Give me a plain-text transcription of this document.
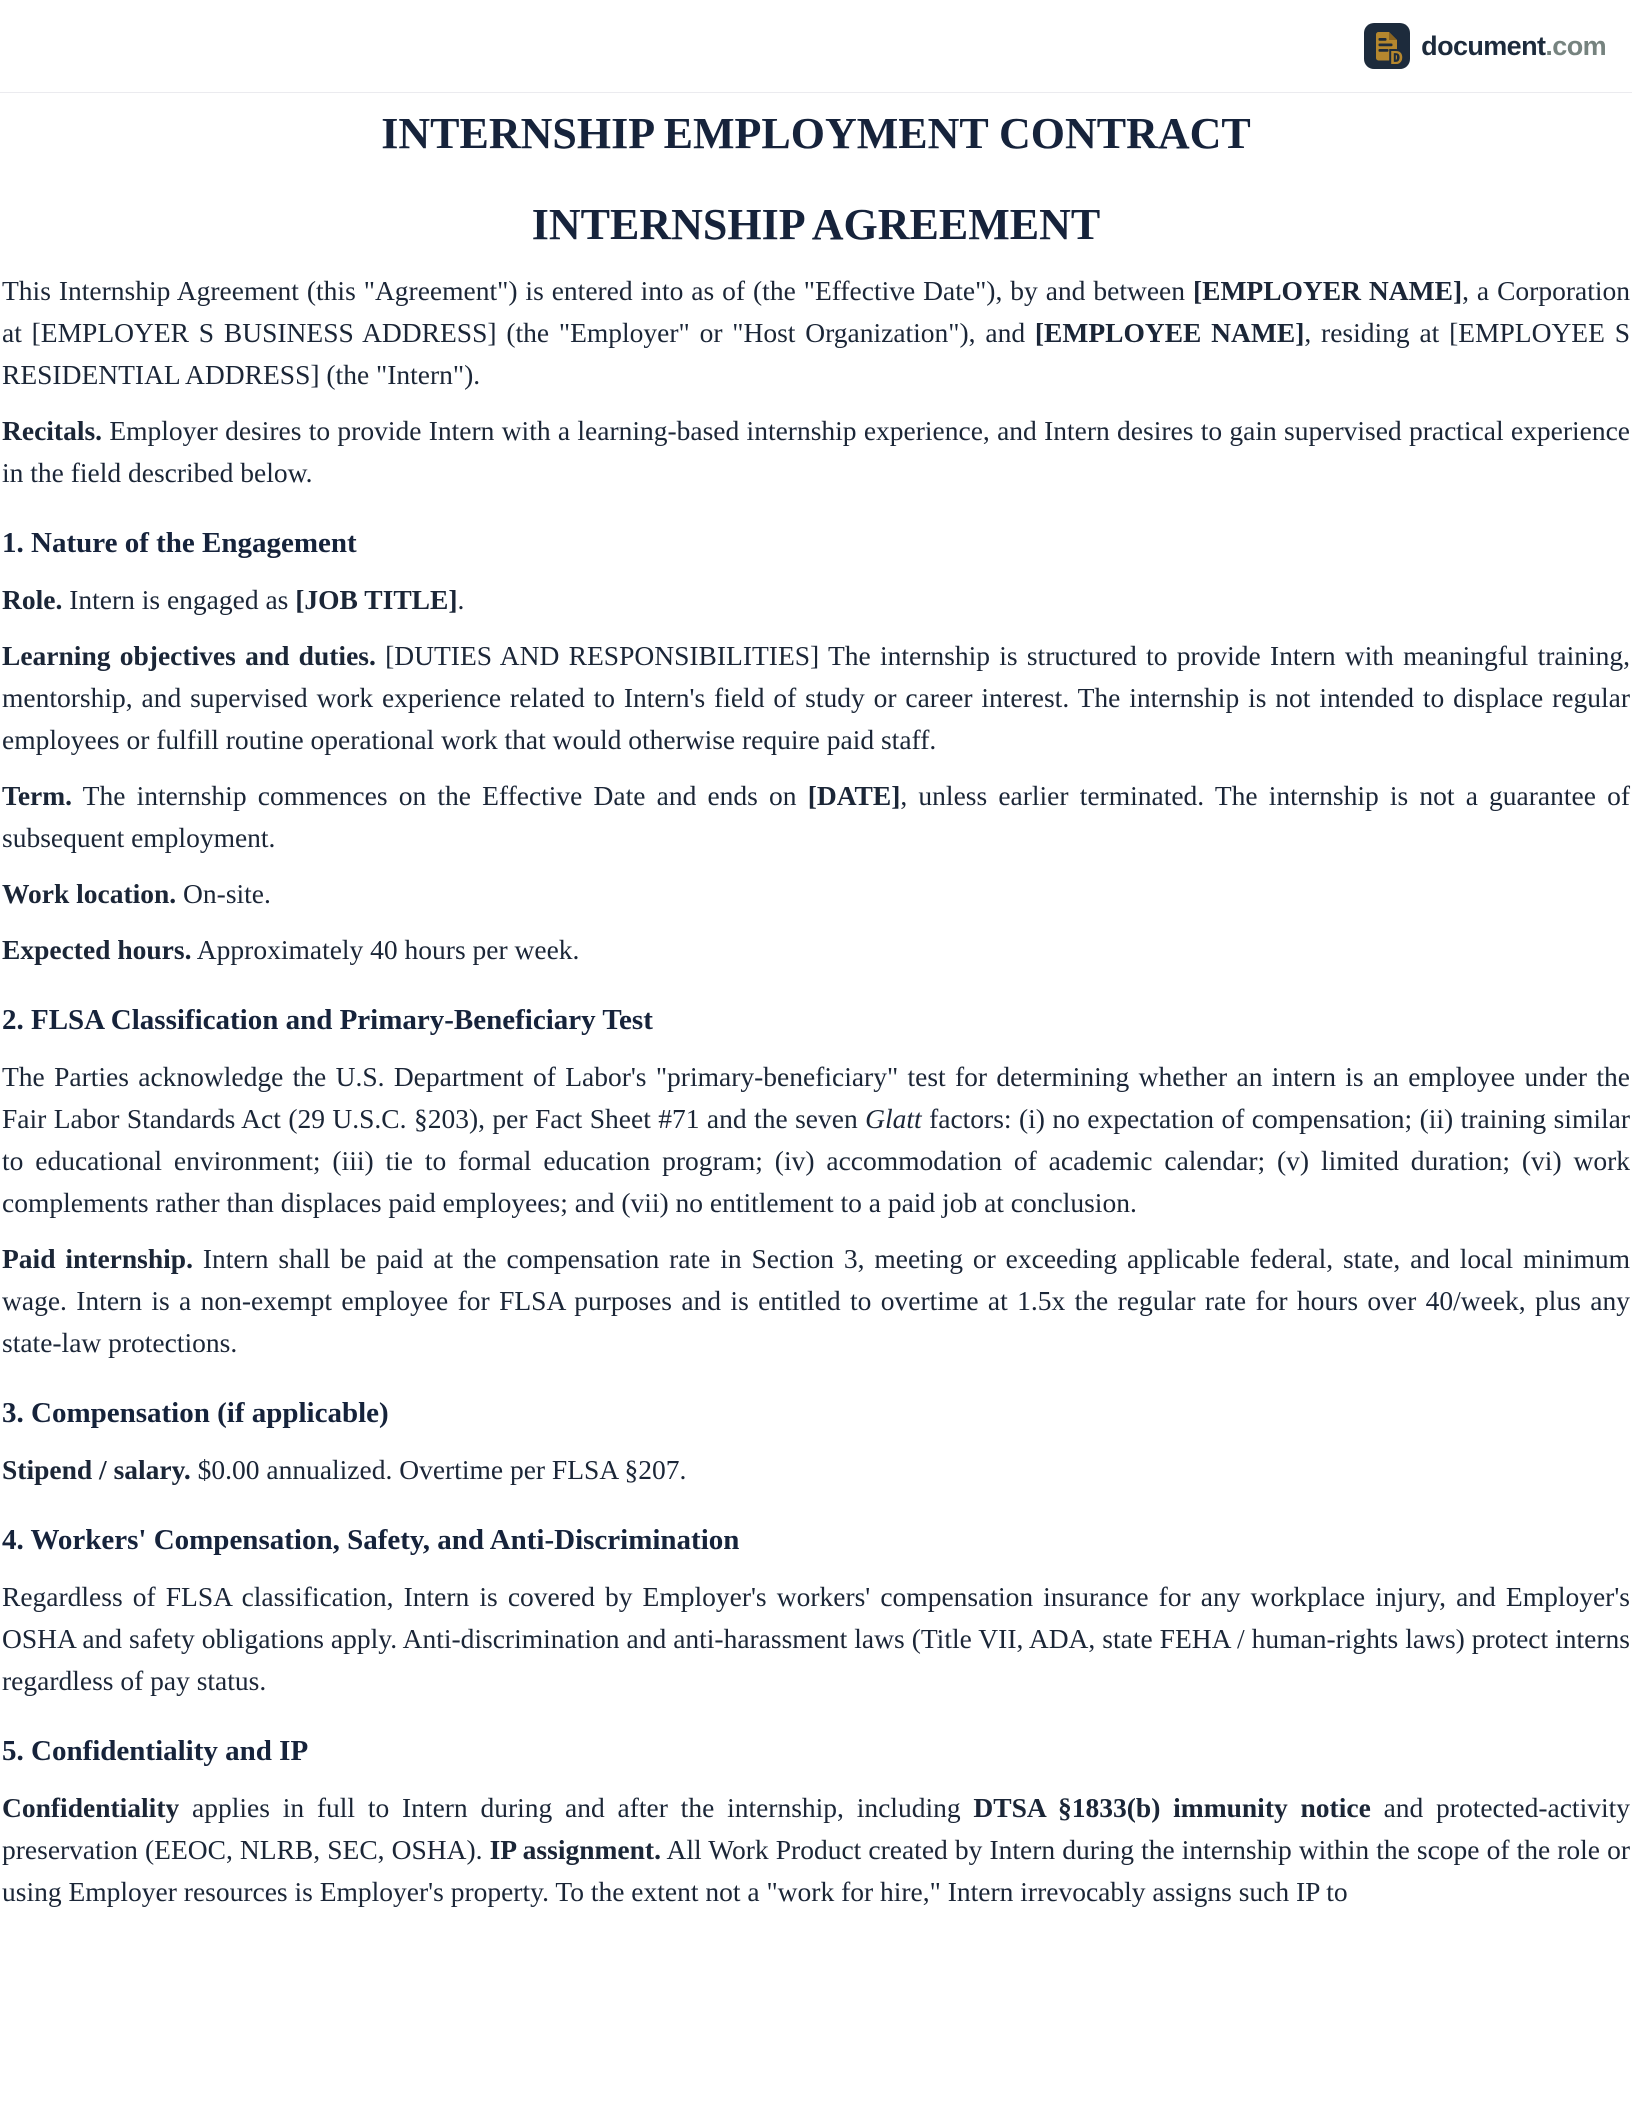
D document.com
INTERNSHIP EMPLOYMENT CONTRACT
INTERNSHIP AGREEMENT

This Internship Agreement (this "Agreement") is entered into as of (the "Effective Date"), by and between [EMPLOYER NAME], a Corporation at [EMPLOYER S BUSINESS ADDRESS] (the "Employer" or "Host Organization"), and [EMPLOYEE NAME], residing at [EMPLOYEE S RESIDENTIAL ADDRESS] (the "Intern").

Recitals. Employer desires to provide Intern with a learning-based internship experience, and Intern desires to gain supervised practical experience in the field described below.

1. Nature of the Engagement

Role. Intern is engaged as [JOB TITLE].

Learning objectives and duties. [DUTIES AND RESPONSIBILITIES] The internship is structured to provide Intern with meaningful training, mentorship, and supervised work experience related to Intern's field of study or career interest. The internship is not intended to displace regular employees or fulfill routine operational work that would otherwise require paid staff.

Term. The internship commences on the Effective Date and ends on [DATE], unless earlier terminated. The internship is not a guarantee of subsequent employment.

Work location. On-site.

Expected hours. Approximately 40 hours per week.

2. FLSA Classification and Primary-Beneficiary Test

The Parties acknowledge the U.S. Department of Labor's "primary-beneficiary" test for determining whether an intern is an employee under the Fair Labor Standards Act (29 U.S.C. §203), per Fact Sheet #71 and the seven Glatt factors: (i) no expectation of compensation; (ii) training similar to educational environment; (iii) tie to formal education program; (iv) accommodation of academic calendar; (v) limited duration; (vi) work complements rather than displaces paid employees; and (vii) no entitlement to a paid job at conclusion.

Paid internship. Intern shall be paid at the compensation rate in Section 3, meeting or exceeding applicable federal, state, and local minimum wage. Intern is a non-exempt employee for FLSA purposes and is entitled to overtime at 1.5x the regular rate for hours over 40/week, plus any state-law protections.

3. Compensation (if applicable)

Stipend / salary. $0.00 annualized. Overtime per FLSA §207.

4. Workers' Compensation, Safety, and Anti-Discrimination

Regardless of FLSA classification, Intern is covered by Employer's workers' compensation insurance for any workplace injury, and Employer's OSHA and safety obligations apply. Anti-discrimination and anti-harassment laws (Title VII, ADA, state FEHA / human-rights laws) protect interns regardless of pay status.

5. Confidentiality and IP

Confidentiality applies in full to Intern during and after the internship, including DTSA §1833(b) immunity notice and protected-activity preservation (EEOC, NLRB, SEC, OSHA). IP assignment. All Work Product created by Intern during the internship within the scope of the role or using Employer resources is Employer's property. To the extent not a "work for hire," Intern irrevocably assigns such IP to
